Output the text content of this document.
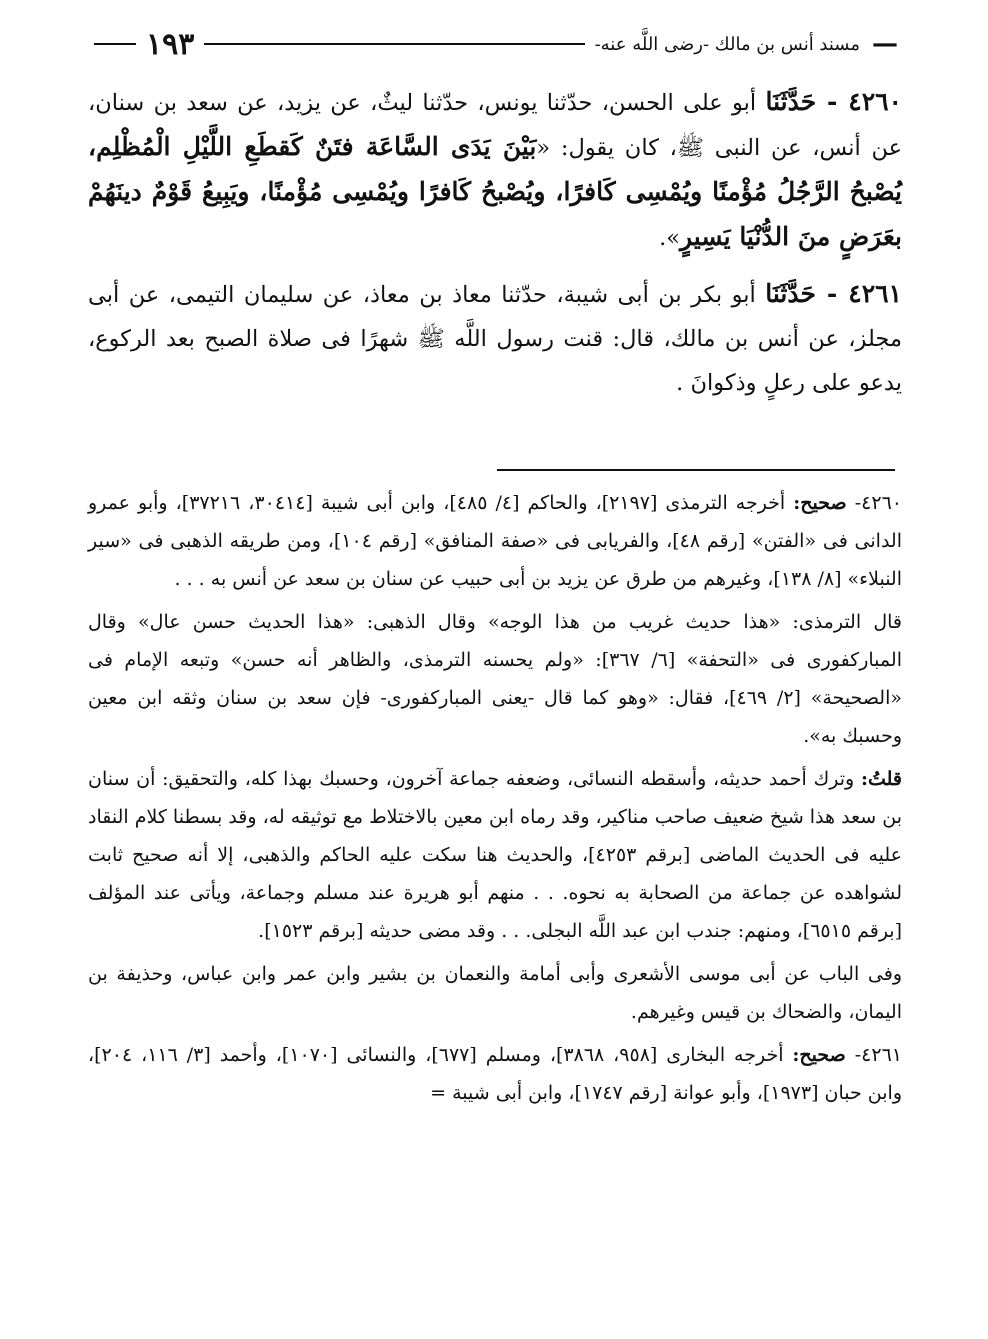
—
مسند أنس بن مالك -رضى اللَّه عنه-
١٩٣

٤٢٦٠ - حَدَّثَنَا أبو على الحسن، حدّثنا يونس، حدّثنا ليثٌ، عن يزيد، عن سعد بن سنان، عن أنس، عن النبى ﷺ، كان يقول: «بَيْنَ يَدَى السَّاعَة فتَنٌ كَقطَعِ اللَّيْلِ الْمُظْلِم، يُصْبحُ الرَّجُلُ مُؤْمنًا ويُمْسِى كَافرًا، ويُصْبحُ كَافرًا ويُمْسِى مُؤْمنًا، ويَبِيعُ قَوْمٌ دينَهُمْ بعَرَضٍ منَ الدُّنْيَا يَسِيرٍ».

٤٢٦١ - حَدَّثَنَا أبو بكر بن أبى شيبة، حدّثنا معاذ بن معاذ، عن سليمان التيمى، عن أبى مجلز، عن أنس بن مالك، قال: قنت رسول اللَّه ﷺ شهرًا فى صلاة الصبح بعد الركوع، يدعو على رعلٍ وذكوانَ .

٤٢٦٠- صحيح: أخرجه الترمذى [٢١٩٧]، والحاكم [٤/ ٤٨٥]، وابن أبى شيبة [٣٠٤١٤، ٣٧٢١٦]، وأبو عمرو الدانى فى «الفتن» [رقم ٤٨]، والفريابى فى «صفة المنافق» [رقم ١٠٤]، ومن طريقه الذهبى فى «سير النبلاء» [٨/ ١٣٨]، وغيرهم من طرق عن يزيد بن أبى حبيب عن سنان بن سعد عن أنس به . . .

قال الترمذى: «هذا حديث غريب من هذا الوجه» وقال الذهبى: «هذا الحديث حسن عال» وقال المباركفورى فى «التحفة» [٦/ ٣٦٧]: «ولم يحسنه الترمذى، والظاهر أنه حسن» وتبعه الإمام فى «الصحيحة» [٢/ ٤٦٩]، فقال: «وهو كما قال -يعنى المباركفورى- فإن سعد بن سنان وثقه ابن معين وحسبك به».

قلتُ: وترك أحمد حديثه، وأسقطه النسائى، وضعفه جماعة آخرون، وحسبك بهذا كله، والتحقيق: أن سنان بن سعد هذا شيخ ضعيف صاحب مناكير، وقد رماه ابن معين بالاختلاط مع توثيقه له، وقد بسطنا كلام النقاد عليه فى الحديث الماضى [برقم ٤٢٥٣]، والحديث هنا سكت عليه الحاكم والذهبى، إلا أنه صحيح ثابت لشواهده عن جماعة من الصحابة به نحوه. . . منهم أبو هريرة عند مسلم وجماعة، ويأتى عند المؤلف [برقم ٦٥١٥]، ومنهم: جندب ابن عبد اللَّه البجلى. . . وقد مضى حديثه [برقم ١٥٢٣].

وفى الباب عن أبى موسى الأشعرى وأبى أمامة والنعمان بن بشير وابن عمر وابن عباس، وحذيفة بن اليمان، والضحاك بن قيس وغيرهم.

٤٢٦١- صحيح: أخرجه البخارى [٩٥٨، ٣٨٦٨]، ومسلم [٦٧٧]، والنسائى [١٠٧٠]، وأحمد [٣/ ١١٦، ٢٠٤]، وابن حبان [١٩٧٣]، وأبو عوانة [رقم ١٧٤٧]، وابن أبى شيبة =
